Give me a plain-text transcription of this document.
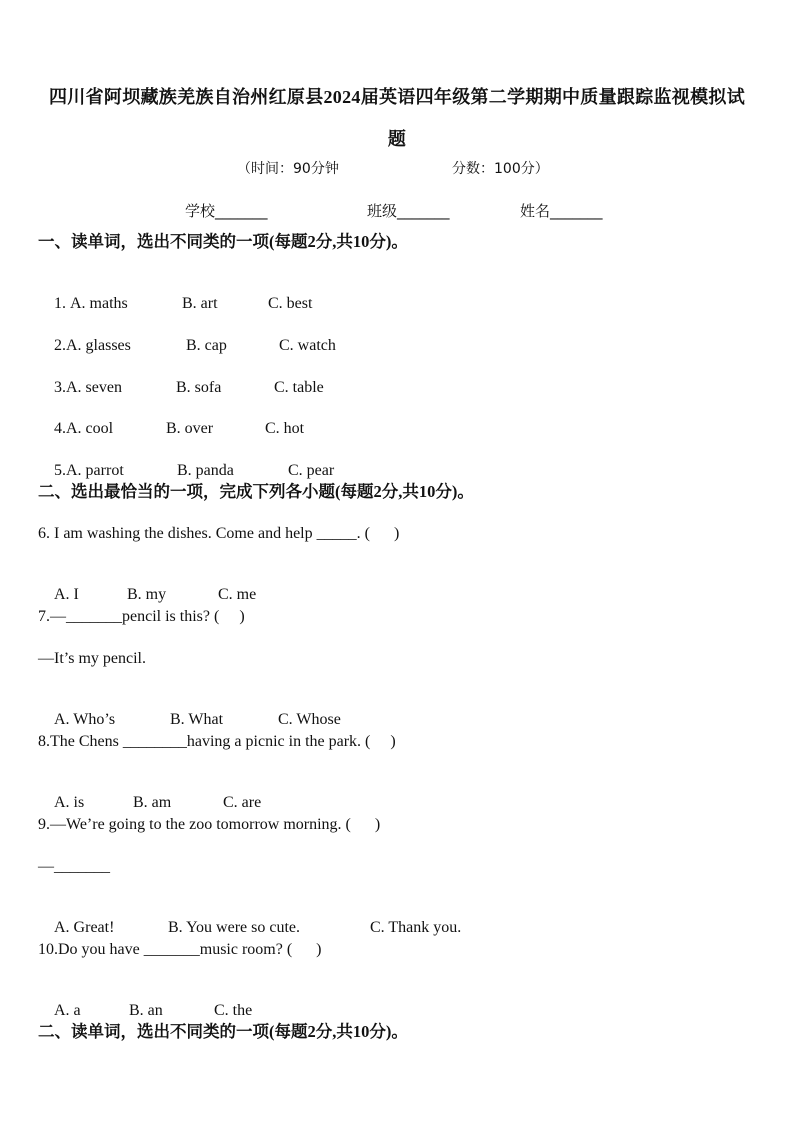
四川省阿坝藏族羌族自治州红原县2024届英语四年级第二学期期中质量跟踪监视模拟试
题
（时间：90分钟	分数：100分）
学校_______	班级_______	姓名_______
一、读单词，选出不同类的一项(每题2分,共10分)。

1. A. maths	B. art	C. best

2.A. glasses	B. cap	C. watch

3.A. seven	B. sofa	C. table

4.A. cool	B. over	C. hot

5.A. parrot	B. panda	C. pear

二、选出最恰当的一项，完成下列各小题(每题2分,共10分)。
6. I am washing the dishes. Come and help _____. (      )

A. I	B. my	C. me

7.—_______pencil is this? (     )
—It’s my pencil.

A. Who’s	B. What	C. Whose

8.The Chens ________having a picnic in the park. (     )

A. is	B. am	C. are

9.—We’re going to the zoo tomorrow morning. (      )
—_______

A. Great!	B. You were so cute.	C. Thank you.

10.Do you have _______music room? (      )

A. a	B. an	C. the

二、读单词，选出不同类的一项(每题2分,共10分)。
